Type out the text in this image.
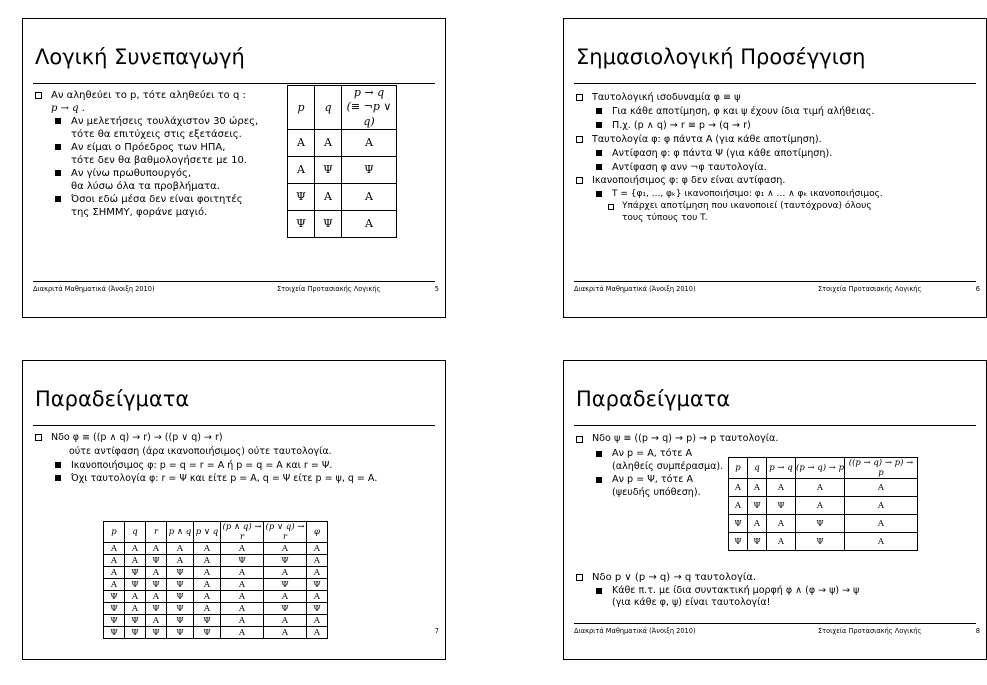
Λογική Συνεπαγωγή
Αν αληθεύει το p, τότε αληθεύει το q :
p → q .
Αν μελετήσεις τουλάχιστον 30 ώρες,
τότε θα επιτύχεις στις εξετάσεις.
Αν είμαι ο Πρόεδρος των ΗΠΑ,
τότε δεν θα βαθμολογήσετε με 10.
Αν γίνω πρωθυπουργός,
θα λύσω όλα τα προβλήματα.
Όσοι εδώ μέσα δεν είναι φοιτητές
της ΣΗΜΜΥ, φοράνε μαγιό.
p	q	p → q
(≡ ¬p ∨ q)
Α	Α	Α
Α	Ψ	Ψ
Ψ	Α	Α
Ψ	Ψ	Α
Διακριτά Μαθηματικά (Άνοιξη 2010)	Στοιχεία Προτασιακής Λογικής	5
Σημασιολογική Προσέγγιση
Ταυτολογική ισοδυναμία φ ≡ ψ
Για κάθε αποτίμηση, φ και ψ έχουν ίδια τιμή αλήθειας.
Π.χ. (p ∧ q) → r ≡ p → (q → r)
Ταυτολογία φ: φ πάντα Α (για κάθε αποτίμηση).
Αντίφαση φ: φ πάντα Ψ (για κάθε αποτίμηση).
Αντίφαση φ ανν ¬φ ταυτολογία.
Ικανοποιήσιμος φ: φ δεν είναι αντίφαση.
T = {φ₁, ..., φₖ} ικανοποιήσιμο: φ₁ ∧ ... ∧ φₖ ικανοποιήσιμος.
Υπάρχει αποτίμηση που ικανοποιεί (ταυτόχρονα) όλους
τους τύπους του T.
Διακριτά Μαθηματικά (Άνοιξη 2010)	Στοιχεία Προτασιακής Λογικής	6
Παραδείγματα
Νδο φ ≡ ((p ∧ q) → r) → ((p ∨ q) → r)
ούτε αντίφαση (άρα ικανοποιήσιμος) ούτε ταυτολογία.
Ικανοποιήσιμος φ: p = q = r = Α ή p = q = Α και r = Ψ.
Όχι ταυτολογία φ: r = Ψ και είτε p = Α, q = Ψ είτε p = ψ, q = Α.
p	q	r	p ∧ q	p ∨ q	(p ∧ q) → r	(p ∨ q) → r	φ
Α	Α	Α	Α	Α	Α	Α	Α
Α	Α	Ψ	Α	Α	Ψ	Ψ	Α
Α	Ψ	Α	Ψ	Α	Α	Α	Α
Α	Ψ	Ψ	Ψ	Α	Α	Ψ	Ψ
Ψ	Α	Α	Ψ	Α	Α	Α	Α
Ψ	Α	Ψ	Ψ	Α	Α	Ψ	Ψ
Ψ	Ψ	Α	Ψ	Ψ	Α	Α	Α
Ψ	Ψ	Ψ	Ψ	Ψ	Α	Α	Α	7
Παραδείγματα
Νδο ψ ≡ ((p → q) → p) → p ταυτολογία.
Αν p = Α, τότε Α
(αληθείς συμπέρασμα).
Αν p = Ψ, τότε Α
(ψευδής υπόθεση).
p	q	p → q	(p → q) → p	((p → q) → p) → p
Α	Α	Α	Α	Α
Α	Ψ	Ψ	Α	Α
Ψ	Α	Α	Ψ	Α
Ψ	Ψ	Α	Ψ	Α
Νδο p ∨ (p → q) → q ταυτολογία.
Κάθε π.τ. με ίδια συντακτική μορφή φ ∧ (φ → ψ) → ψ
(για κάθε φ, ψ) είναι ταυτολογία!
Διακριτά Μαθηματικά (Άνοιξη 2010)	Στοιχεία Προτασιακής Λογικής	8
